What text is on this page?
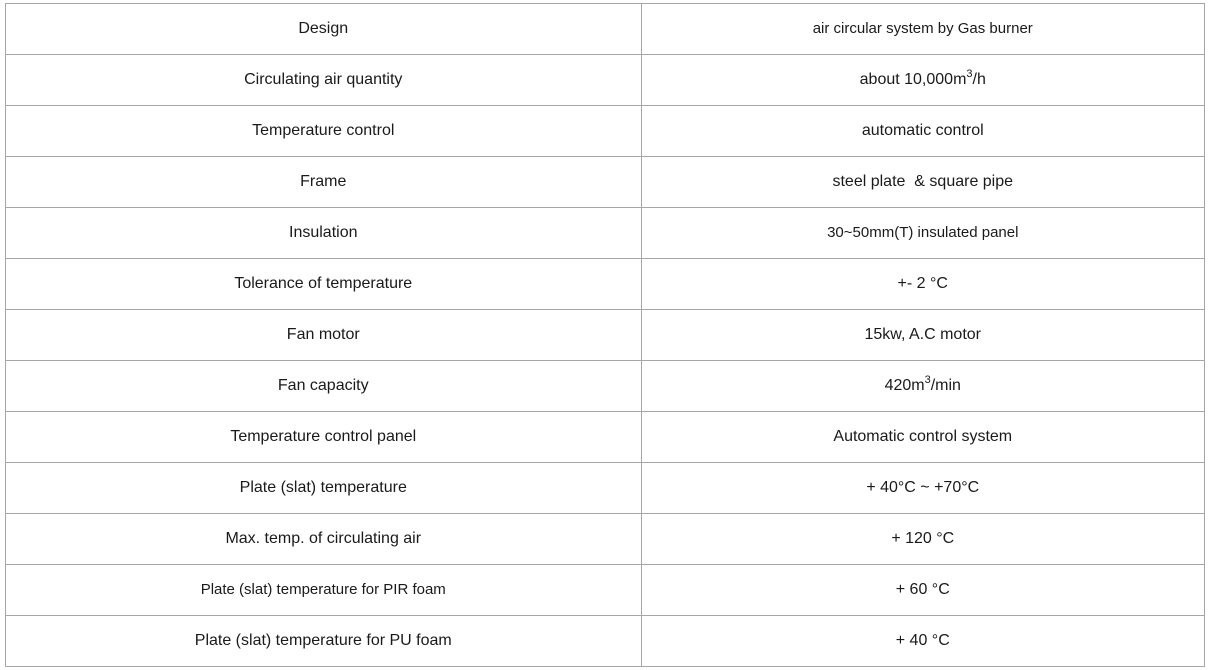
Design	air circular system by Gas burner
Circulating air quantity	about $10,000m^3/h$
Temperature control	automatic control
Frame	steel plate  & square pipe
Insulation	30~50mm(T) insulated panel
Tolerance of temperature	+- 2 °C
Fan motor	15kw, A.C motor
Fan capacity	$420m^3/\min$
Temperature control panel	Automatic control system
Plate (slat) temperature	+ 40°C ~ +70°C
Max. temp. of circulating air	+ 120 °C
Plate (slat) temperature for PIR foam	+ 60 °C
Plate (slat) temperature for PU foam	+ 40 °C
